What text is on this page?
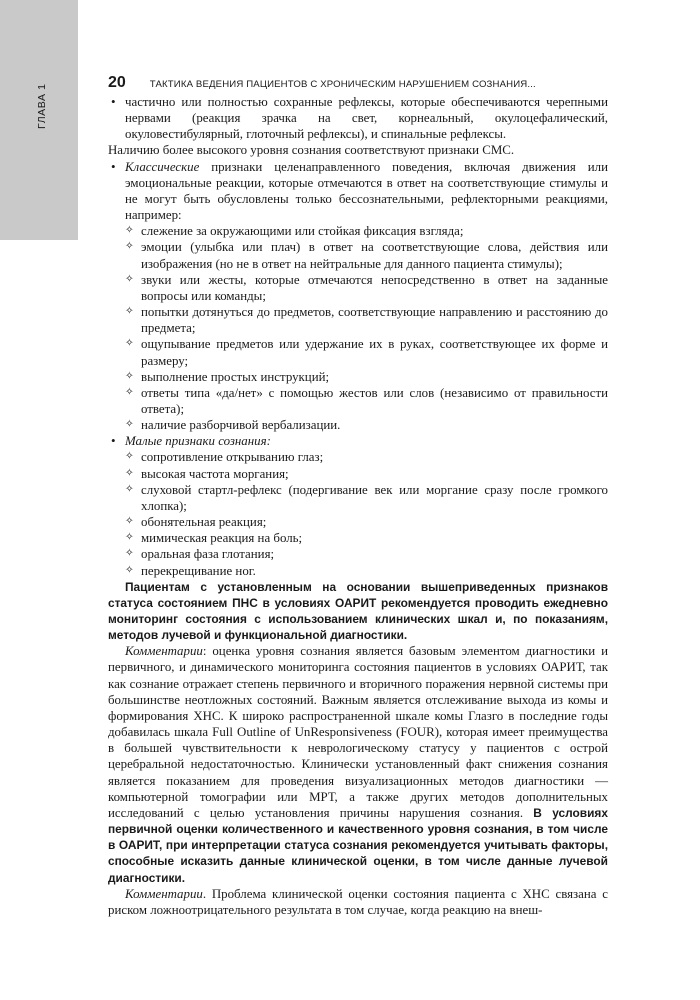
ГЛАВА 1
20	ТАКТИКА ВЕДЕНИЯ ПАЦИЕНТОВ С ХРОНИЧЕСКИМ НАРУШЕНИЕМ СОЗНАНИЯ...
• частично или полностью сохранные рефлексы, которые обеспечиваются черепными нервами (реакция зрачка на свет, корнеальный, окулоцефалический, окуловестибулярный, глоточный рефлексы), и спинальные рефлексы.

Наличию более высокого уровня сознания соответствуют признаки СМС.

• Классические признаки целенаправленного поведения, включая движения или эмоциональные реакции, которые отмечаются в ответ на соответствующие стимулы и не могут быть обусловлены только бессознательными, рефлекторными реакциями, например:
✧ слежение за окружающими или стойкая фиксация взгляда;
✧ эмоции (улыбка или плач) в ответ на соответствующие слова, действия или изображения (но не в ответ на нейтральные для данного пациента стимулы);
✧ звуки или жесты, которые отмечаются непосредственно в ответ на заданные вопросы или команды;
✧ попытки дотянуться до предметов, соответствующие направлению и расстоянию до предмета;
✧ ощупывание предметов или удержание их в руках, соответствующее их форме и размеру;
✧ выполнение простых инструкций;
✧ ответы типа «да/нет» с помощью жестов или слов (независимо от правильности ответа);
✧ наличие разборчивой вербализации.
• Малые признаки сознания:
✧ сопротивление открыванию глаз;
✧ высокая частота моргания;
✧ слуховой стартл-рефлекс (подергивание век или моргание сразу после громкого хлопка);
✧ обонятельная реакция;
✧ мимическая реакция на боль;
✧ оральная фаза глотания;
✧ перекрещивание ног.

Пациентам с установленным на основании вышеприведенных признаков статуса состоянием ПНС в условиях ОАРИТ рекомендуется проводить ежедневно мониторинг состояния с использованием клинических шкал и, по показаниям, методов лучевой и функциональной диагностики.

Комментарии: оценка уровня сознания является базовым элементом диагностики и первичного, и динамического мониторинга состояния пациентов в условиях ОАРИТ, так как сознание отражает степень первичного и вторичного поражения нервной системы при большинстве неотложных состояний. Важным является отслеживание выхода из комы и формирования ХНС. К широко распространенной шкале комы Глазго в последние годы добавилась шкала Full Outline of UnResponsiveness (FOUR), которая имеет преимущества в большей чувствительности к неврологическому статусу у пациентов с острой церебральной недостаточностью. Клинически установленный факт снижения сознания является показанием для проведения визуализационных методов диагностики — компьютерной томографии или МРТ, а также других методов дополнительных исследований с целью установления причины нарушения сознания. В условиях первичной оценки количественного и качественного уровня сознания, в том числе в ОАРИТ, при интерпретации статуса сознания рекомендуется учитывать факторы, способные исказить данные клинической оценки, в том числе данные лучевой диагностики.

Комментарии. Проблема клинической оценки состояния пациента с ХНС связана с риском ложноотрицательного результата в том случае, когда реакцию на внеш-
